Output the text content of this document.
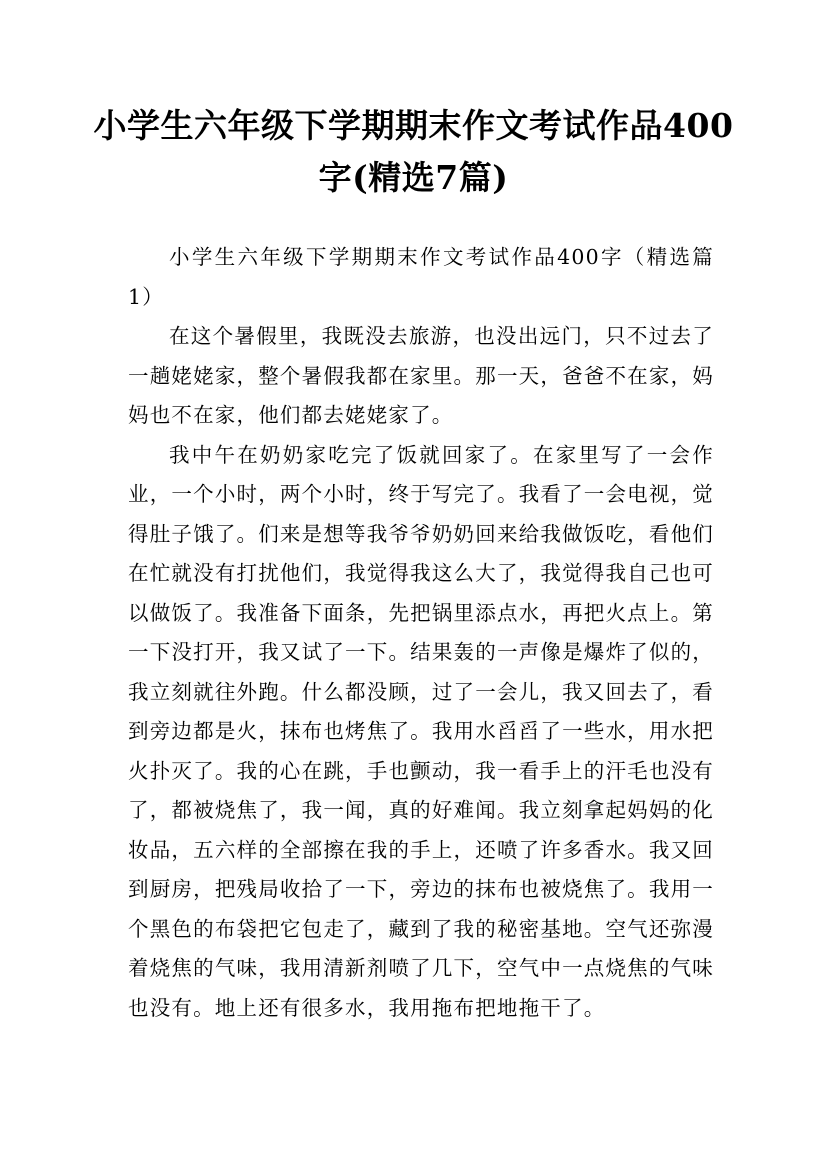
小学生六年级下学期期末作文考试作品400
字(精选7篇)

小学生六年级下学期期末作文考试作品400字（精选篇1）

在这个暑假里，我既没去旅游，也没出远门，只不过去了一趟姥姥家，整个暑假我都在家里。那一天，爸爸不在家，妈妈也不在家，他们都去姥姥家了。

我中午在奶奶家吃完了饭就回家了。在家里写了一会作业，一个小时，两个小时，终于写完了。我看了一会电视，觉得肚子饿了。们来是想等我爷爷奶奶回来给我做饭吃，看他们在忙就没有打扰他们，我觉得我这么大了，我觉得我自己也可以做饭了。我准备下面条，先把锅里添点水，再把火点上。第一下没打开，我又试了一下。结果轰的一声像是爆炸了似的，我立刻就往外跑。什么都没顾，过了一会儿，我又回去了，看到旁边都是火，抹布也烤焦了。我用水舀舀了一些水，用水把火扑灭了。我的心在跳，手也颤动，我一看手上的汗毛也没有了，都被烧焦了，我一闻，真的好难闻。我立刻拿起妈妈的化妆品，五六样的全部擦在我的手上，还喷了许多香水。我又回到厨房，把残局收拾了一下，旁边的抹布也被烧焦了。我用一个黑色的布袋把它包走了，藏到了我的秘密基地。空气还弥漫着烧焦的气味，我用清新剂喷了几下，空气中一点烧焦的气味也没有。地上还有很多水，我用拖布把地拖干了。
